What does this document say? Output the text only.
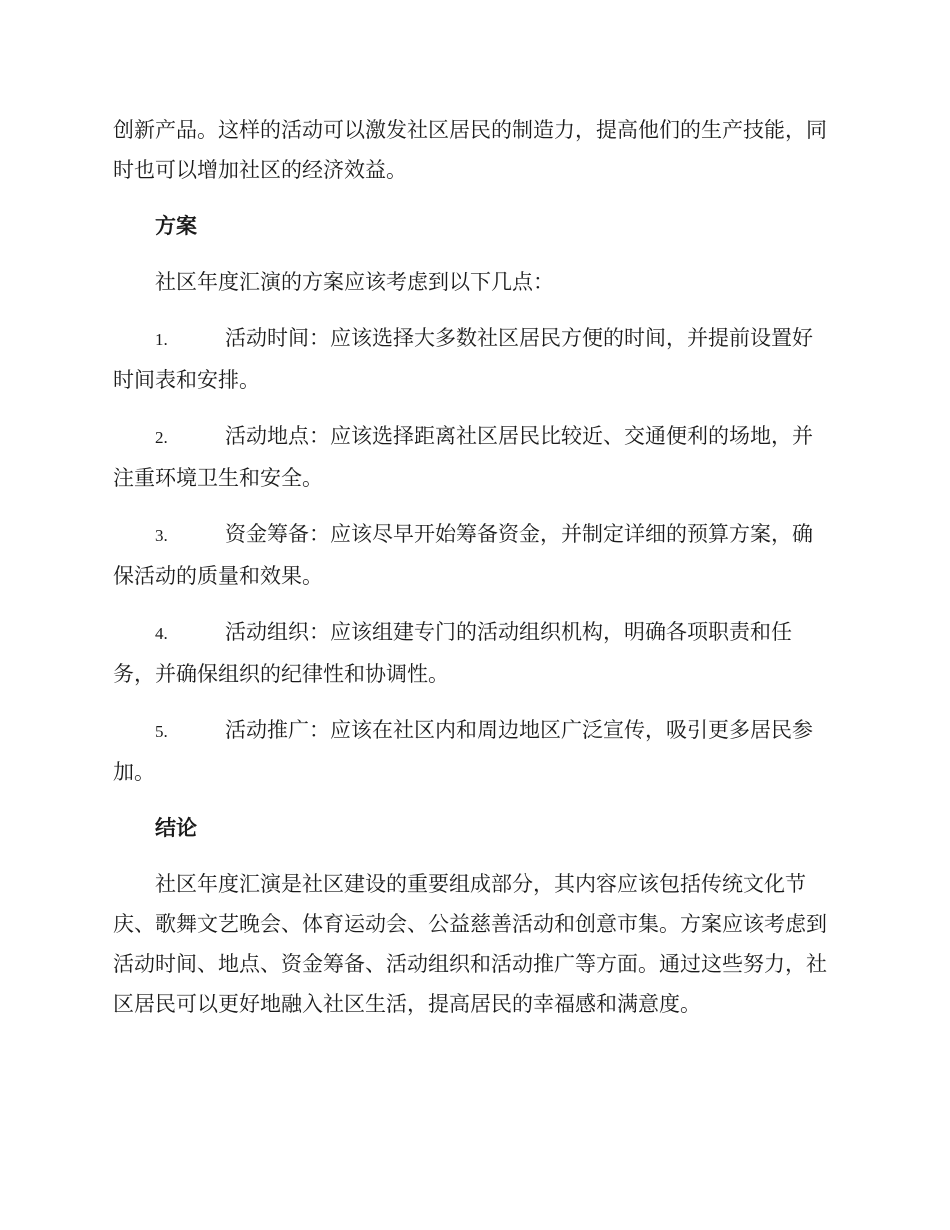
创新产品。这样的活动可以激发社区居民的制造力，提高他们的生产技能，同时也可以增加社区的经济效益。

方案

社区年度汇演的方案应该考虑到以下几点：

1.	活动时间：应该选择大多数社区居民方便的时间，并提前设置好时间表和安排。

2.	活动地点：应该选择距离社区居民比较近、交通便利的场地，并注重环境卫生和安全。

3.	资金筹备：应该尽早开始筹备资金，并制定详细的预算方案，确保活动的质量和效果。

4.	活动组织：应该组建专门的活动组织机构，明确各项职责和任务，并确保组织的纪律性和协调性。

5.	活动推广：应该在社区内和周边地区广泛宣传，吸引更多居民参加。

结论

社区年度汇演是社区建设的重要组成部分，其内容应该包括传统文化节庆、歌舞文艺晚会、体育运动会、公益慈善活动和创意市集。方案应该考虑到活动时间、地点、资金筹备、活动组织和活动推广等方面。通过这些努力，社区居民可以更好地融入社区生活，提高居民的幸福感和满意度。
